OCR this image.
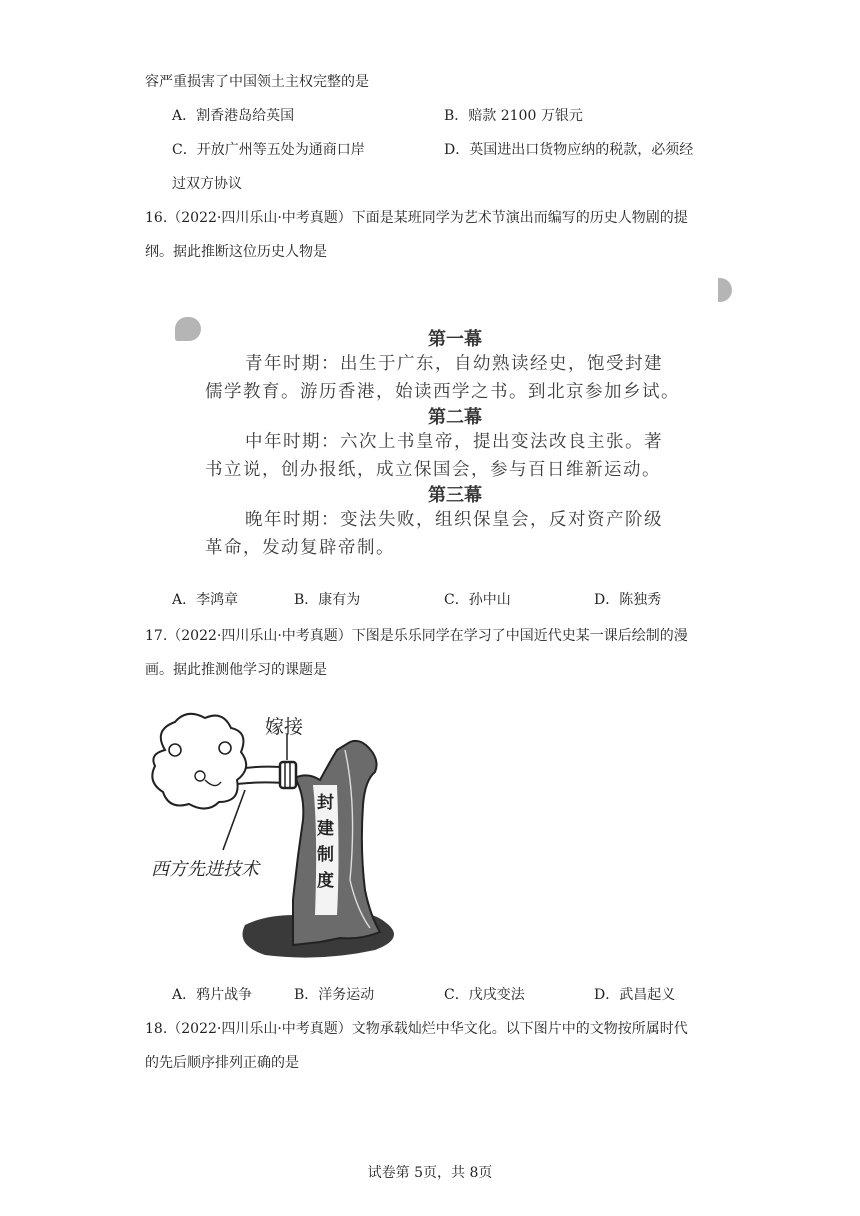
容严重损害了中国领土主权完整的是
A．割香港岛给英国	B．赔款 2100 万银元
C．开放广州等五处为通商口岸	D．英国进出口货物应纳的税款，必须经
过双方协议
16.（2022·四川乐山·中考真题）下面是某班同学为艺术节演出而编写的历史人物剧的提
纲。据此推断这位历史人物是
第一幕
青年时期：出生于广东，自幼熟读经史，饱受封建
儒学教育。游历香港，始读西学之书。到北京参加乡试。
第二幕
中年时期：六次上书皇帝，提出变法改良主张。著
书立说，创办报纸，成立保国会，参与百日维新运动。
第三幕
晚年时期：变法失败，组织保皇会，反对资产阶级
革命，发动复辟帝制。
A．李鸿章	B．康有为	C．孙中山	D．陈独秀
17.（2022·四川乐山·中考真题）下图是乐乐同学在学习了中国近代史某一课后绘制的漫
画。据此推测他学习的课题是
嫁接
封
建
制
度
西方先进技术
A．鸦片战争	B．洋务运动	C．戊戌变法	D．武昌起义
18.（2022·四川乐山·中考真题）文物承载灿烂中华文化。以下图片中的文物按所属时代
的先后顺序排列正确的是
试卷第 5页，共 8页
